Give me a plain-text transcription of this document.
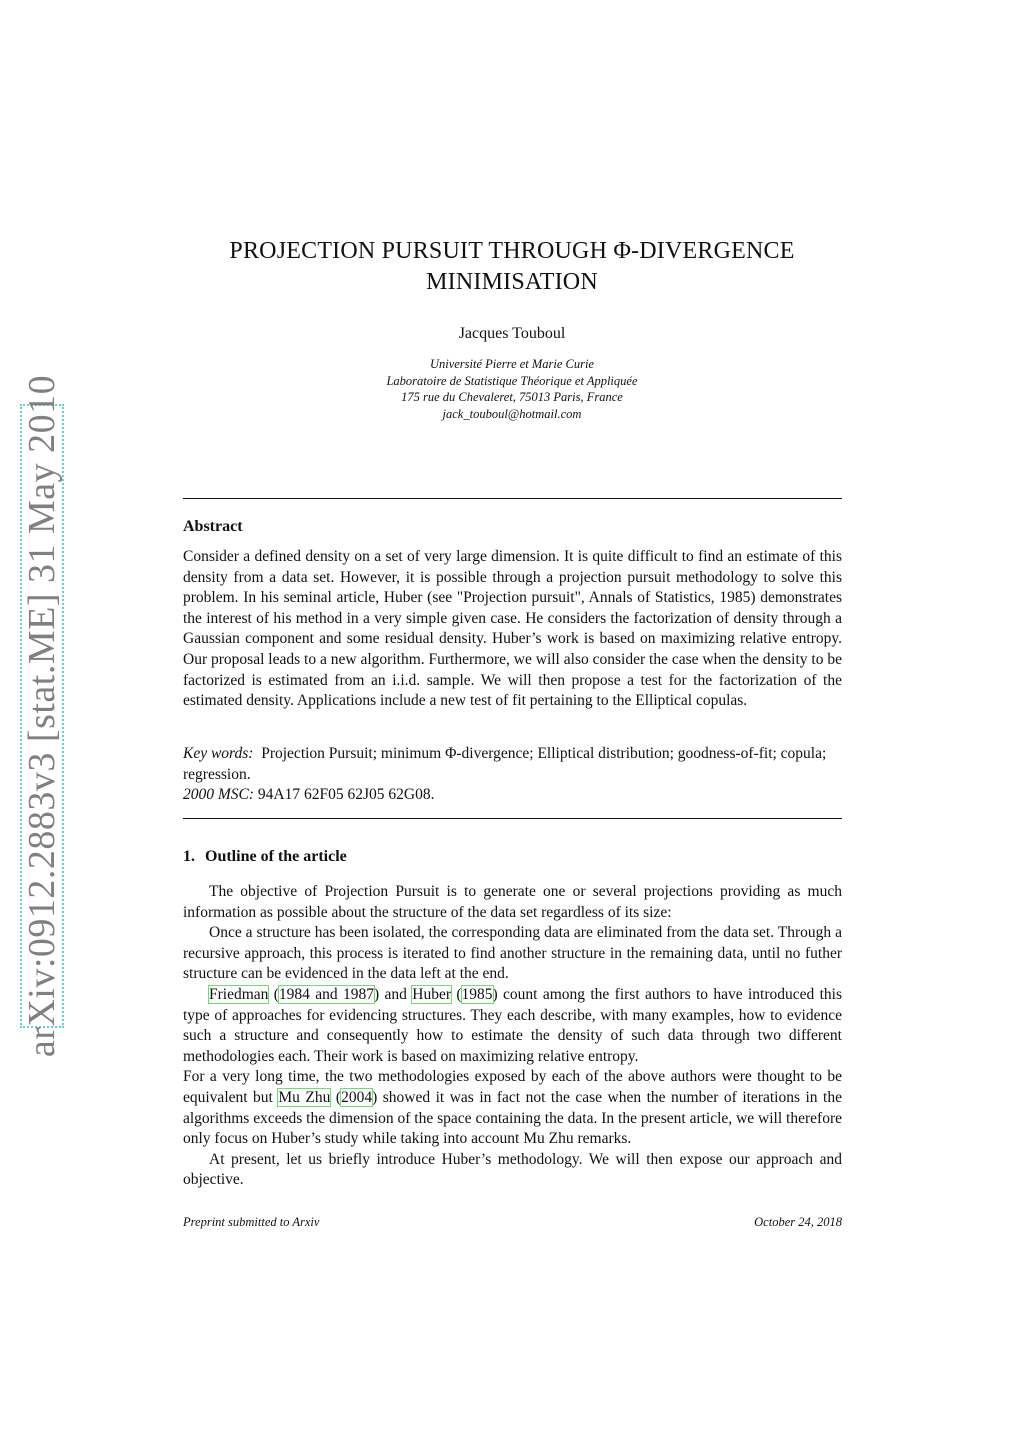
arXiv:0912.2883v3 [stat.ME] 31 May 2010
PROJECTION PURSUIT THROUGH Φ-DIVERGENCE
MINIMISATION
Jacques Touboul
Université Pierre et Marie Curie
Laboratoire de Statistique Théorique et Appliquée
175 rue du Chevaleret, 75013 Paris, France
jack_touboul@hotmail.com
Abstract

Consider a defined density on a set of very large dimension. It is quite difficult to find an estimate of this density from a data set. However, it is possible through a projection pursuit methodology to solve this problem. In his seminal article, Huber (see "Projection pursuit", Annals of Statistics, 1985) demonstrates the interest of his method in a very simple given case. He considers the factorization of density through a Gaussian component and some residual density. Huber’s work is based on maximizing relative entropy. Our proposal leads to a new algorithm. Furthermore, we will also consider the case when the density to be factorized is estimated from an i.i.d. sample. We will then propose a test for the factorization of the estimated density. Applications include a new test of fit pertaining to the Elliptical copulas.

Key words: Projection Pursuit; minimum Φ-divergence; Elliptical distribution; goodness-of-fit; copula; regression.

2000 MSC: 94A17 62F05 62J05 62G08.

1. Outline of the article

The objective of Projection Pursuit is to generate one or several projections providing as much information as possible about the structure of the data set regardless of its size:

Once a structure has been isolated, the corresponding data are eliminated from the data set. Through a recursive approach, this process is iterated to find another structure in the remaining data, until no futher structure can be evidenced in the data left at the end.

Friedman (1984 and 1987) and Huber (1985) count among the first authors to have introduced this type of approaches for evidencing structures. They each describe, with many examples, how to evidence such a structure and consequently how to estimate the density of such data through two different methodologies each. Their work is based on maximizing relative entropy.

For a very long time, the two methodologies exposed by each of the above authors were thought to be equivalent but Mu Zhu (2004) showed it was in fact not the case when the number of iterations in the algorithms exceeds the dimension of the space containing the data. In the present article, we will therefore only focus on Huber’s study while taking into account Mu Zhu remarks.

At present, let us briefly introduce Huber’s methodology. We will then expose our approach and objective.

Preprint submitted to Arxiv	October 24, 2018
